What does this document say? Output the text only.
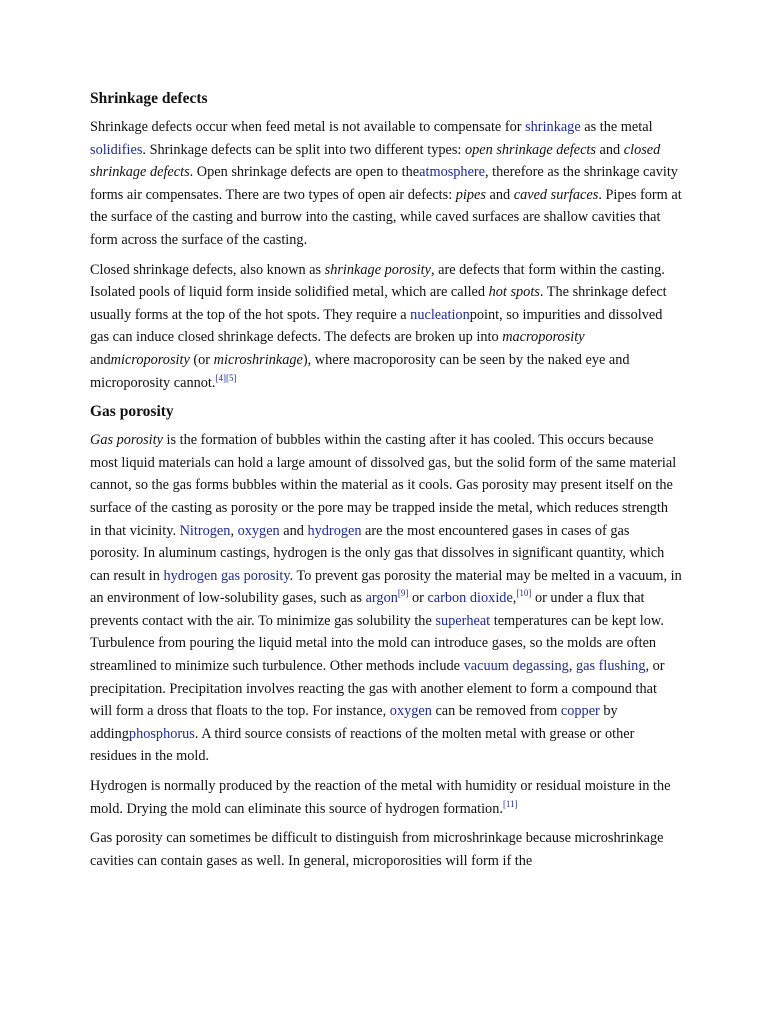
Shrinkage defects

Shrinkage defects occur when feed metal is not available to compensate for shrinkage as the metal solidifies. Shrinkage defects can be split into two different types: open shrinkage defects and closed shrinkage defects. Open shrinkage defects are open to theatmosphere, therefore as the shrinkage cavity forms air compensates. There are two types of open air defects: pipes and caved surfaces. Pipes form at the surface of the casting and burrow into the casting, while caved surfaces are shallow cavities that form across the surface of the casting.

Closed shrinkage defects, also known as shrinkage porosity, are defects that form within the casting. Isolated pools of liquid form inside solidified metal, which are called hot spots. The shrinkage defect usually forms at the top of the hot spots. They require a nucleationpoint, so impurities and dissolved gas can induce closed shrinkage defects. The defects are broken up into macroporosity andmicroporosity (or microshrinkage), where macroporosity can be seen by the naked eye and microporosity cannot.[4][5]

Gas porosity

Gas porosity is the formation of bubbles within the casting after it has cooled. This occurs because most liquid materials can hold a large amount of dissolved gas, but the solid form of the same material cannot, so the gas forms bubbles within the material as it cools. Gas porosity may present itself on the surface of the casting as porosity or the pore may be trapped inside the metal, which reduces strength in that vicinity. Nitrogen, oxygen and hydrogen are the most encountered gases in cases of gas porosity. In aluminum castings, hydrogen is the only gas that dissolves in significant quantity, which can result in hydrogen gas porosity. To prevent gas porosity the material may be melted in a vacuum, in an environment of low-solubility gases, such as argon[9] or carbon dioxide,[10] or under a flux that prevents contact with the air. To minimize gas solubility the superheat temperatures can be kept low. Turbulence from pouring the liquid metal into the mold can introduce gases, so the molds are often streamlined to minimize such turbulence. Other methods include vacuum degassing, gas flushing, or precipitation. Precipitation involves reacting the gas with another element to form a compound that will form a dross that floats to the top. For instance, oxygen can be removed from copper by addingphosphorus. A third source consists of reactions of the molten metal with grease or other residues in the mold.

Hydrogen is normally produced by the reaction of the metal with humidity or residual moisture in the mold. Drying the mold can eliminate this source of hydrogen formation.[11]

Gas porosity can sometimes be difficult to distinguish from microshrinkage because microshrinkage cavities can contain gases as well. In general, microporosities will form if the
